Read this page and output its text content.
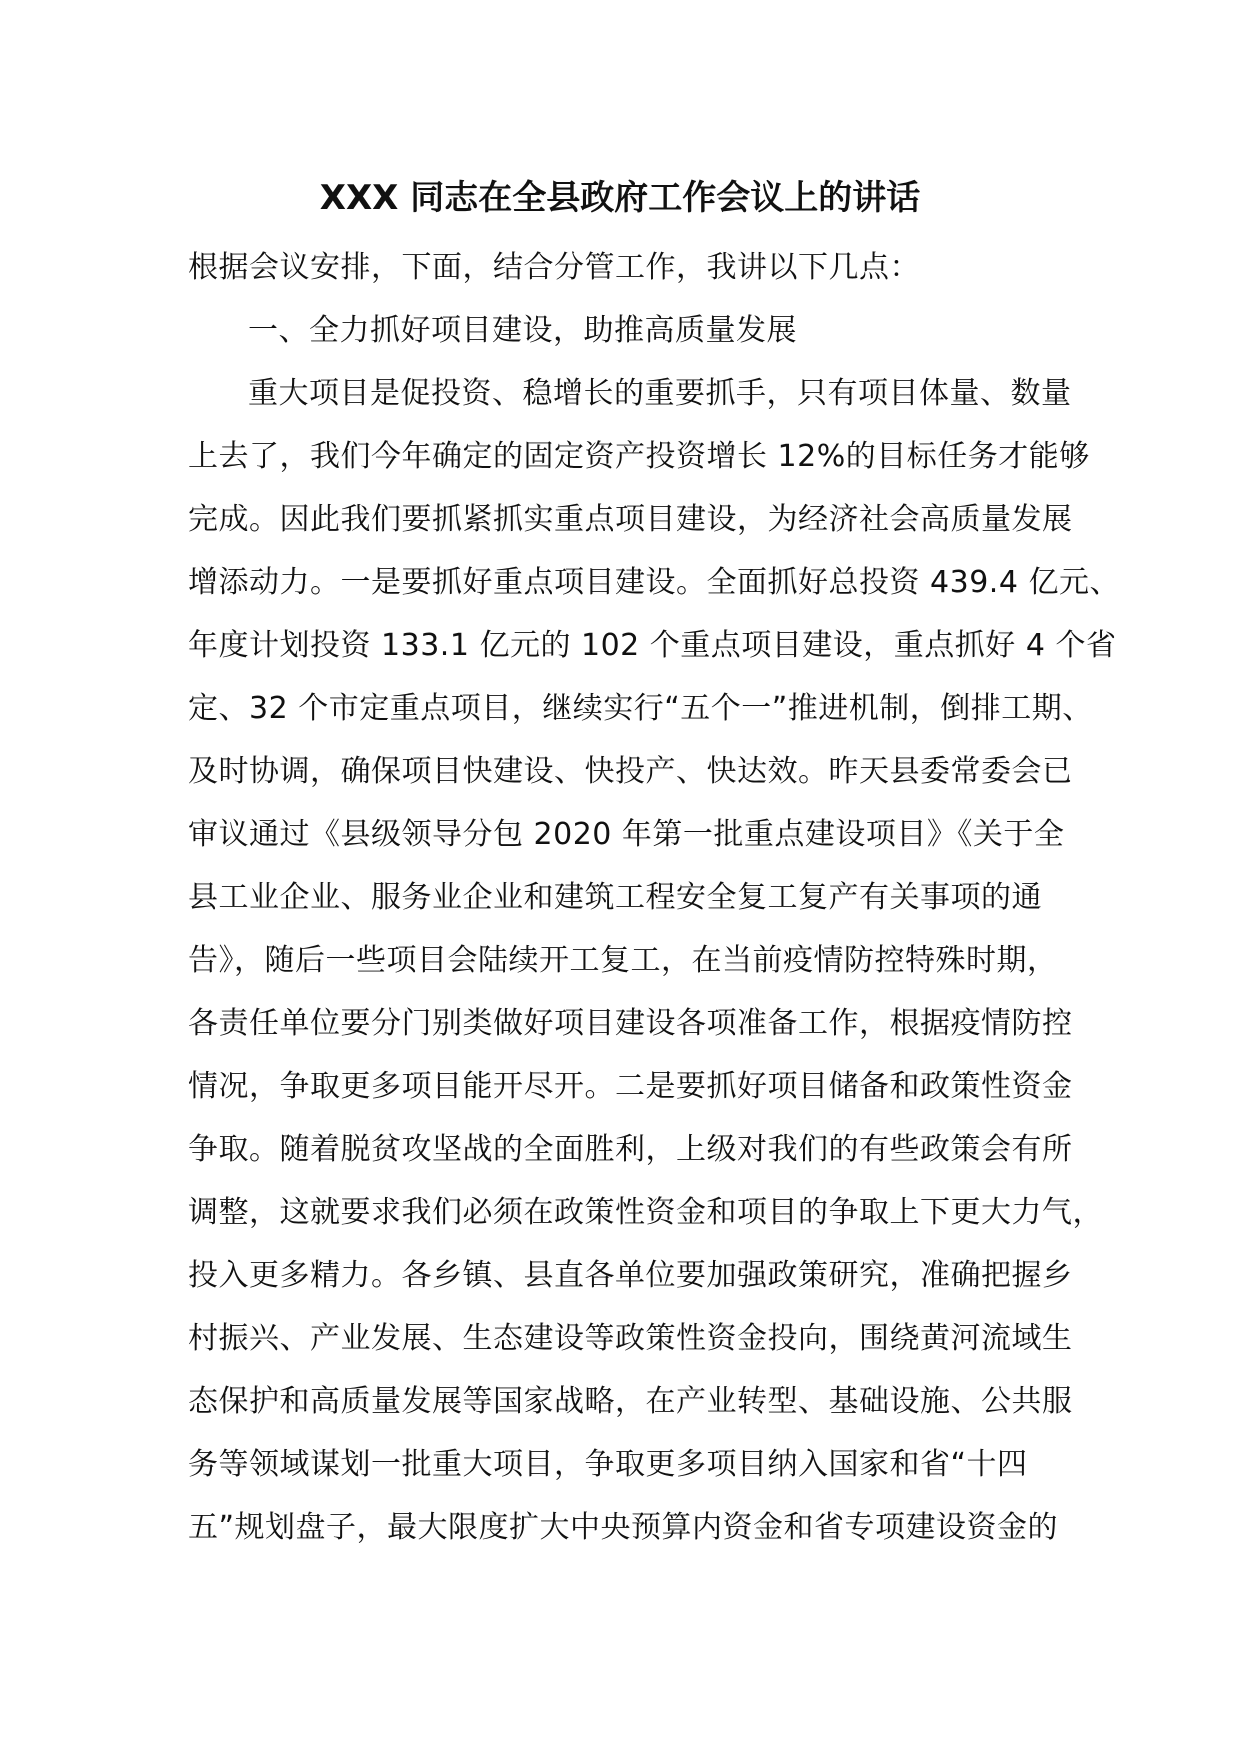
XXX 同志在全县政府工作会议上的讲话

根据会议安排，下面，结合分管工作，我讲以下几点：

一、全力抓好项目建设，助推高质量发展

重大项目是促投资、稳增长的重要抓手，只有项目体量、数量

上去了，我们今年确定的固定资产投资增长 12%的目标任务才能够

完成。因此我们要抓紧抓实重点项目建设，为经济社会高质量发展

增添动力。一是要抓好重点项目建设。全面抓好总投资 439.4 亿元、

年度计划投资 133.1 亿元的 102 个重点项目建设，重点抓好 4 个省

定、32 个市定重点项目，继续实行“五个一”推进机制，倒排工期、

及时协调，确保项目快建设、快投产、快达效。昨天县委常委会已

审议通过《县级领导分包 2020 年第一批重点建设项目》《关于全

县工业企业、服务业企业和建筑工程安全复工复产有关事项的通

告》，随后一些项目会陆续开工复工，在当前疫情防控特殊时期，

各责任单位要分门别类做好项目建设各项准备工作，根据疫情防控

情况，争取更多项目能开尽开。二是要抓好项目储备和政策性资金

争取。随着脱贫攻坚战的全面胜利，上级对我们的有些政策会有所

调整，这就要求我们必须在政策性资金和项目的争取上下更大力气，

投入更多精力。各乡镇、县直各单位要加强政策研究，准确把握乡

村振兴、产业发展、生态建设等政策性资金投向，围绕黄河流域生

态保护和高质量发展等国家战略，在产业转型、基础设施、公共服

务等领域谋划一批重大项目，争取更多项目纳入国家和省“十四

五”规划盘子，最大限度扩大中央预算内资金和省专项建设资金的
